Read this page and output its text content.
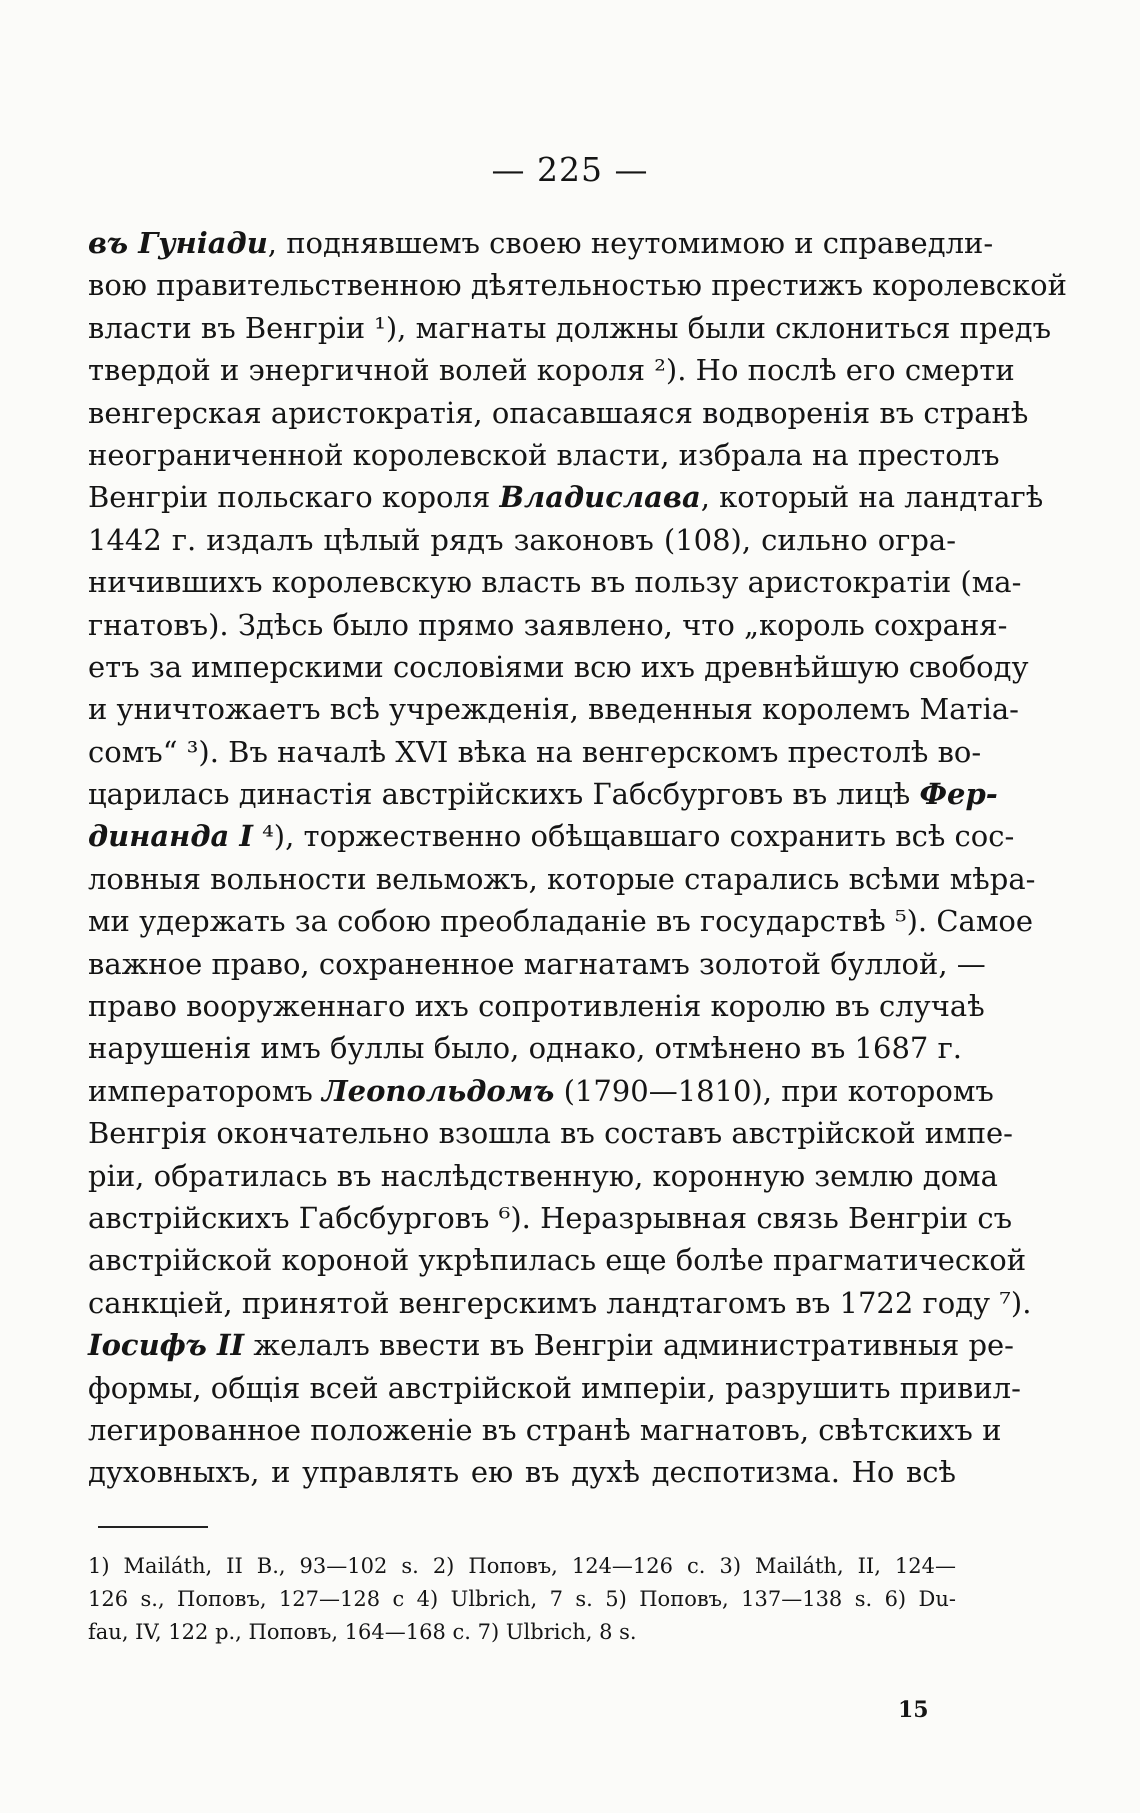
— 225 —
въ Гуніади, поднявшемъ своею неутомимою и справедли-
вою правительственною дѣятельностью престижъ королевской
власти въ Венгріи ¹), магнаты должны были склониться предъ
твердой и энергичной волей короля ²). Но послѣ его смерти
венгерская аристократія, опасавшаяся водворенія въ странѣ
неограниченной королевской власти, избрала на престолъ
Венгріи польскаго короля Владислава, который на ландтагѣ
1442 г. издалъ цѣлый рядъ законовъ (108), сильно огра-
ничившихъ королевскую власть въ пользу аристократіи (ма-
гнатовъ). Здѣсь было прямо заявлено, что „король сохраня-
етъ за имперскими сословіями всю ихъ древнѣйшую свободу
и уничтожаетъ всѣ учрежденія, введенныя королемъ Матіа-
сомъ“ ³). Въ началѣ XVI вѣка на венгерскомъ престолѣ во-
царилась династія австрійскихъ Габсбурговъ въ лицѣ Фер-
динанда I ⁴), торжественно обѣщавшаго сохранить всѣ сос-
ловныя вольности вельможъ, которые старались всѣми мѣра-
ми удержать за собою преобладаніе въ государствѣ ⁵). Самое
важное право, сохраненное магнатамъ золотой буллой, —
право вооруженнаго ихъ сопротивленія королю въ случаѣ
нарушенія имъ буллы было, однако, отмѣнено въ 1687 г.
императоромъ Леопольдомъ (1790—1810), при которомъ
Венгрія окончательно взошла въ составъ австрійской импе-
ріи, обратилась въ наслѣдственную, коронную землю дома
австрійскихъ Габсбурговъ ⁶). Неразрывная связь Венгріи съ
австрійской короной укрѣпилась еще болѣе прагматической
санкціей, принятой венгерскимъ ландтагомъ въ 1722 году ⁷).
Іосифъ II желалъ ввести въ Венгріи административныя ре-
формы, общія всей австрійской имперіи, разрушить привил-
легированное положеніе въ странѣ магнатовъ, свѣтскихъ и
духовныхъ, и управлять ею въ духѣ деспотизма. Но всѣ
1) Mailáth, II B., 93—102 s. 2) Поповъ, 124—126 с. 3) Mailáth, II, 124—
126 s., Поповъ, 127—128 с 4) Ulbrich, 7 s. 5) Поповъ, 137—138 s. 6) Du-
fau, IV, 122 p., Поповъ, 164—168 с. 7) Ulbrich, 8 s.
15
